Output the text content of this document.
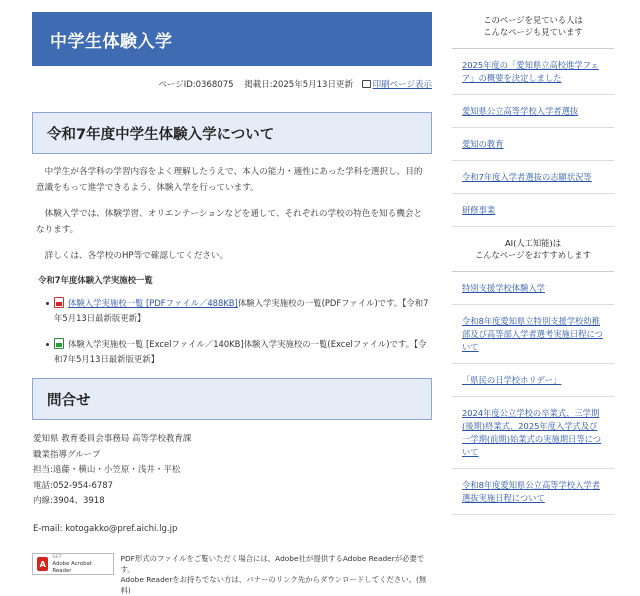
中学生体験入学
ページID:0368075 掲載日:2025年5月13日更新 印刷ページ表示
令和7年度中学生体験入学について

　中学生が各学科の学習内容をよく理解したうえで、本人の能力・適性にあった学科を選択し、目的意識をもって進学できるよう、体験入学を行っています。

　体験入学では、体験学習、オリエンテーションなどを通して、それぞれの学校の特色を知る機会となります。

　詳しくは、各学校のHP等で確認してください。

令和7年度体験入学実施校一覧

体験入学実施校一覧 [PDFファイル／488KB]体験入学実施校の一覧(PDFファイル)です。【令和7年5月13日最新版更新】
体験入学実施校一覧 [Excelファイル／140KB]体験入学実施校の一覧(Excelファイル)です。【令和7年5月13日最新版更新】
問合せ
愛知県 教育委員会事務局 高等学校教育課
職業指導グループ
担当:遠藤・横山・小笠原・浅井・平松
電話:052-954-6787
内線:3904、3918
E-mail: kotogakko@pref.aichi.lg.jp
A
GET
Adobe Acrobat Reader
PDF形式のファイルをご覧いただく場合には、Adobe社が提供するAdobe Readerが必要です。
Adobe Readerをお持ちでない方は、バナーのリンク先からダウンロードしてください。(無料)
このページを見ている人は
こんなページも見ています
2025年度の「愛知県立高校進学フェア」の概要を決定しました
愛知県公立高等学校入学者選抜
愛知の教育
令和7年度入学者選抜の志願状況等
研修事業
AI(人工知能)は
こんなページをおすすめします
特別支援学校体験入学
令和8年度愛知県立特別支援学校幼稚部及び高等部入学者選考実施日程について
「県民の日学校ホリデー」
2024年度公立学校の卒業式、三学期(後期)終業式、2025年度入学式及び一学期(前期)始業式の実施期日等について
令和8年度愛知県公立高等学校入学者選抜実施日程について
